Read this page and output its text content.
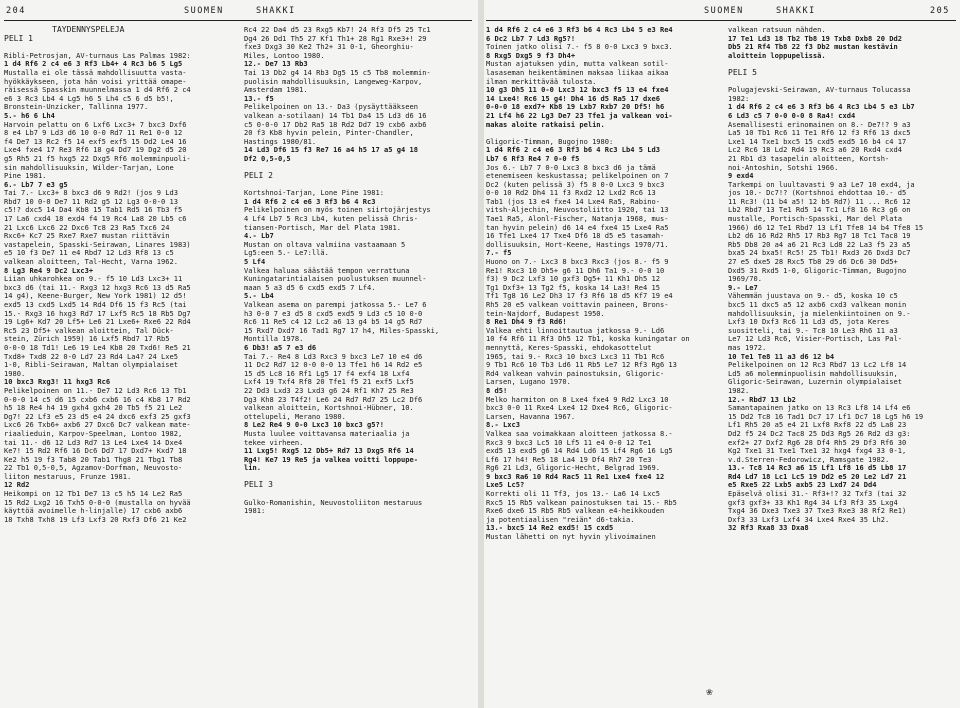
204	SUOMEN	SHAKKI
TÄYDENNYSPELEJÄ
PELI 1

Ribli-Petrosjan, AV-turnaus Las Palmas 1982:
1 d4 Rf6 2 c4 e6 3 Rf3 Lb4+ 4 Rc3 b6 5 Lg5
Mustalla ei ole tässä mahdollisuutta vasta-
hyökkäykseen, jota hän voisi yrittää omape-
räisessä Spasskin muunnelmassa 1 d4 Rf6 2 c4
e6 3 Rc3 Lb4 4 Lg5 h6 5 Lh4 c5 6 d5 b5!,
Bronstein-Unzicker, Tallinna 1977.
5.- h6 6 Lh4
Harvoin pelattu on 6 Lxf6 Lxc3+ 7 bxc3 Dxf6
8 e4 Lb7 9 Ld3 d6 10 0-0 Rd7 11 Re1 0-0 12
f4 De7 13 Rc2 f5 14 exf5 exf5 15 Dd2 Le4 16
Lxe4 fxe4 17 Re3 Rf6 18 g4 Dd7 19 Dg2 d5 20
g5 Rh5 21 f5 hxg5 22 Dxg5 Rf6 molemminpuoli-
sin mahdollisuuksin, Wilder-Tarjan, Lone
Pine 1981.
6.- Lb7 7 e3 g5
Tai 7.- Lxc3+ 8 bxc3 d6 9 Rd2! (jos 9 Ld3
Rbd7 10 0-0 De7 11 Rd2 g5 12 Lg3 0-0-0 13
c5!? dxc5 14 Da4 Kb8 15 Tab1 Rd5 16 Tb3 f5
17 La6 cxd4 18 exd4 f4 19 Rc4 La8 20 Lb5 c6
21 Lxc6 Lxc6 22 Dxc6 Tc8 23 Ra5 Txc6 24
Rxc6+ Kc7 25 Rxe7 Rxe7 mustan riittävin
vastapelein, Spasski-Seirawan, Linares 1983)
e5 10 f3 De7 11 e4 Rbd7 12 Ld3 Rf8 13 c5
valkean aloitteen, Tal-Hecht, Varna 1962.
8 Lg3 Re4 9 Dc2 Lxc3+
Liian uhkarohkea on 9.- f5 10 Ld3 Lxc3+ 11
bxc3 d6 (tai 11.- Rxg3 12 hxg3 Rc6 13 d5 Ra5
14 g4), Keene-Burger, New York 1981) 12 d5!
exd5 13 cxd5 Lxd5 14 Rd4 Df6 15 f3 Rc5 (tai
15.- Rxg3 16 hxg3 Rd7 17 Lxf5 Rc5 18 Rb5 Dg7
19 Lg6+ Kd7 20 Lf5+ Le6 21 Lxe6+ Rxe6 22 Rd4
Rc5 23 Df5+ valkean aloittein, Tal Dück-
stein, Zürich 1959) 16 Lxf5 Rbd7 17 Rb5
0-0-0 18 Td1! Le6 19 Le4 Kb8 20 Txd6! Re5 21
Txd8+ Txd8 22 0-0 Ld7 23 Rd4 La4? 24 Lxe5
1-0, Ribli-Seirawan, Maltan olympialaiset
1980.
10 bxc3 Rxg3! 11 hxg3 Rc6
Pelikelpoinen on 11.- De7 12 Ld3 Rc6 13 Tb1
0-0-0 14 c5 d6 15 cxb6 cxb6 16 c4 Kb8 17 Rd2
h5 18 Re4 h4 19 gxh4 gxh4 20 Tb5 f5 21 Le2
Dg7! 22 Lf3 e5 23 d5 e4 24 dxc6 exf3 25 gxf3
Lxc6 26 Txb6+ axb6 27 Dxc6 Dc7 valkean mate-
riaalieduin, Karpov-Speelman, Lontoo 1982,
tai 11.- d6 12 Ld3 Rd7 13 Le4 Lxe4 14 Dxe4
Ke7! 15 Rd2 Rf6 16 Dc6 Dd7 17 Dxd7+ Kxd7 18
Ke2 h5 19 f3 Tab8 20 Tab1 Thg8 21 Tbg1 Tb8
22 Tb1 0,5-0,5, Agzamov-Dorfman, Neuvosto-
liiton mestaruus, Frunze 1981.
12 Rd2
Heikompi on 12 Tb1 De7 13 c5 h5 14 Le2 Ra5
15 Rd2 Lxg2 16 Txh5 0-0-0 (mustalla on hyvää
käyttöä avoimelle h-linjalle) 17 cxb6 axb6
18 Txh8 Txh8 19 Lf3 Lxf3 20 Rxf3 Df6 21 Ke2
Rc4 22 Da4 d5 23 Rxg5 Kb7! 24 Rf3 Df5 25 Tc1
Dg4 26 Dd1 Th5 27 Kf1 Th1+ 28 Rg1 Rxe3+! 29
fxe3 Dxg3 30 Ke2 Th2+ 31 0-1, Gheorghiu-
Miles, Lontoo 1980.
12.- De7 13 Rb3
Tai 13 Db2 g4 14 Rb3 Dg5 15 c5 Tb8 molemmin-
puolisin mahdollisuuksin, Langeweg-Karpov,
Amsterdam 1981.
13.- f5
Pelikelpoinen on 13.- Da3 (pysäyttääkseen
valkean a-sotilaan) 14 Tb1 Da4 15 Ld3 d6 16
c5 0-0-0 17 Db2 Ra5 18 Rd2 Dd7 19 cxb6 axb6
20 f3 Kb8 hyvin pelein, Pinter-Chandler,
Hastings 1980/81.
14 Ld3 Df6 15 f3 Re7 16 a4 h5 17 a5 g4 18
Df2 0,5-0,5

PELI 2

Kortshnoi-Tarjan, Lone Pine 1981:
1 d4 Rf6 2 c4 e6 3 Rf3 b6 4 Rc3
Pelikelpoinen on myös toinen siirtojärjestys
4 Lf4 Lb7 5 Rc3 Lb4, kuten pelissä Chris-
tiansen-Portisch, Mar del Plata 1981.
4.- Lb7
Mustan on oltava valmiina vastaamaan 5
Lg5:een 5.- Le7:llä.
5 Lf4
Valkea haluaa säästää tempon verrattuna
Kuningatarintialaisen puolustuksen muunnel-
maan 5 a3 d5 6 cxd5 exd5 7 Lf4.
5.- Lb4
Valkean asema on parempi jatkossa 5.- Le7 6
h3 0-0 7 e3 d5 8 cxd5 exd5 9 Ld3 c5 10 0-0
Rc6 11 Re5 c4 12 Lc2 a6 13 g4 b5 14 g5 Rd7
15 Rxd7 Dxd7 16 Tad1 Rg7 17 h4, Miles-Spasski,
Montilla 1978.
6 Db3! a5 7 e3 d6
Tai 7.- Re4 8 Ld3 Rxc3 9 bxc3 Le7 10 e4 d6
11 Dc2 Rd7 12 0-0 0-0 13 Tfe1 h6 14 Rd2 e5
15 d5 Lc8 16 Rf1 Lg5 17 f4 exf4 18 Lxf4
Lxf4 19 Txf4 Rf8 20 Tfe1 f5 21 exf5 Lxf5
22 Dd3 Lxd3 23 Lxd3 g6 24 Rf1 Kh7 25 Re3
Dg3 Kh8 23 T4f2! Le6 24 Rd7 Rd7 25 Lc2 Df6
valkean aloittein, Kortshnoi-Hübner, 10.
ottelupeli, Merano 1980.
8 Le2 Re4 9 0-0 Lxc3 10 bxc3 g5?!
Musta luulee voittavansa materiaalia ja
tekee virheen.
11 Lxg5! Rxg5 12 Db5+ Rd7 13 Dxg5 Rf6 14
Rg4! Ke7 19 Re5 ja valkea voitti loppupe-
lin.

PELI 3

Gulko-Romanishin, Neuvostoliiton mestaruus
1981:
SUOMEN	SHAKKI	205
1 d4 Rf6 2 c4 e6 3 Rf3 b6 4 Rc3 Lb4 5 e3 Re4
6 Dc2 Lb7 7 Ld3 Rg5?!
Toinen jatko olisi 7.- f5 8 0-0 Lxc3 9 bxc3.
8 Rxg5 Dxg5 9 f3 Dh4+
Mustan ajatuksen ydin, mutta valkean sotil-
lasaseman heikentäminen maksaa liikaa aikaa
ilman merkittävää tulosta.
10 g3 Dh5 11 0-0 Lxc3 12 bxc3 f5 13 e4 fxe4
14 Lxe4! Rc6 15 g4! Dh4 16 d5 Ra5 17 dxe6
0-0-0 18 exd7+ Kb8 19 Lxb7 Rxb7 20 Df5! h6
21 Lf4 h6 22 Lg3 De7 23 Tfe1 ja valkean voi-
makas aloite ratkaisi pelin.

Gligoric-Timman, Bugojno 1980:
1 d4 Rf6 2 c4 e6 3 Rf3 b6 4 Rc3 Lb4 5 Ld3
Lb7 6 Rf3 Re4 7 0-0 f5
Jos 6.- Lb7 7 0-0 Lxc3 8 bxc3 d6 ja tämä
etenemiseen keskustassa; pelikelpoinen on 7
Dc2 (kuten pelissä 3) f5 8 0-0 Lxc3 9 bxc3
0-0 10 Rd2 Dh4 11 f3 Rxd2 12 Lxd2 Rc6 13
Tab1 (jos 13 e4 fxe4 14 Lxe4 Ra5, Rabino-
vitsh-Aljechin, Neuvostoliitto 1920, tai 13
Tae1 Ra5, Alonl-Fischer, Natanja 1968, mus-
tan hyvin pelein) d6 14 e4 fxe4 15 Lxe4 Ra5
16 Tfe1 Lxe4 17 Txe4 Df6 18 d5 e5 tasamah-
dollisuuksin, Hort-Keene, Hastings 1970/71.
7.- f5
Huono on 7.- Lxc3 8 bxc3 Rxc3 (jos 8.- f5 9
Re1! Rxc3 10 Dh5+ g6 11 Dh6 Ta1 9.- 0-0 10
f3) 9 Dc2 Lxf3 10 gxf3 Dg5+ 11 Kh1 Dh5 12
Tg1 Dxf3+ 13 Tg2 f5, koska 14 La3! Re4 15
Tf1 Tg8 16 Le2 Dh3 17 f3 Rf6 18 d5 Kf7 19 e4
Rh5 20 e5 valkean voittavin paineen, Brons-
tein-Najdorf, Budapest 1950.
8 Re1 Dh4 9 f3 Rd6!
Valkea ehti linnoittautua jatkossa 9.- Ld6
10 f4 Rf6 11 Rf3 Dh5 12 Tb1, koska kuningatar on
mennyttä, Keres-Spasski, ehdokasottelut
1965, tai 9.- Rxc3 10 bxc3 Lxc3 11 Tb1 Rc6
9 Tb1 Rc6 10 Tb3 Ld6 11 Rb5 Le7 12 Rf3 Rg6 13
Rd4 valkean vahvin painostuksin, Gligoric-
Larsen, Lugano 1970.
8 d5!
Melko harmiton on 8 Lxe4 fxe4 9 Rd2 Lxc3 10
bxc3 0-0 11 Rxe4 Lxe4 12 Dxe4 Rc6, Gligoric-
Larsen, Havanna 1967.
8.- Lxc3
Valkea saa voimakkaan aloitteen jatkossa 8.-
Rxc3 9 bxc3 Lc5 10 Lf5 11 e4 0-0 12 Te1
exd5 13 exd5 g6 14 Rd4 Ld6 15 Lf4 Rg6 16 Lg5
Lf6 17 h4! Re5 18 La4 19 Df4 Rh7 20 Te3
Rg6 21 Ld3, Gligoric-Hecht, Belgrad 1969.
9 bxc3 Ra6 10 Rd4 Rac5 11 Re1 Lxe4 fxe4 12
Lxe5 Lc5?
Korrekti oli 11 Tf3, jos 13.- La6 14 Lxc5
Rxc5 15 Rb5 valkean painostuksen tai 15.- Rb5
Rxe6 dxe6 15 Rb5 Rb5 valkean e4-heikkouden
ja potentiaalisen "reiän" d6-takia.
13.- bxc5 14 Re2 exd5! 15 cxd5
Mustan lähetti on nyt hyvin ylivoimainen
valkean ratsuun nähden.
17 Te1 Ld3 18 Tb2 Tb8 19 Txb8 Dxb8 20 Dd2
Db5 21 Rf4 Tb8 22 f3 Db2 mustan kestävin
aloittein loppupelissä.

PELI 5

Polugajevski-Seirawan, AV-turnaus Tolucassa
1982:
1 d4 Rf6 2 c4 e6 3 Rf3 b6 4 Rc3 Lb4 5 e3 Lb7
6 Ld3 c5 7 0-0 0-0 8 Ra4! cxd4
Asemallisesti erinomainen on 8.- De7!? 9 a3
La5 10 Tb1 Rc6 11 Te1 Rf6 12 f3 Rf6 13 dxc5
Lxe1 14 Txe1 bxc5 15 cxd5 exd5 16 b4 c4 17
Lc2 Rc6 18 Ld2 Rd4 19 Rc3 a6 20 Rxd4 cxd4
21 Rb1 d3 tasapelin aloitteen, Kortsh-
noi-Antoshin, Sotshi 1966.
9 exd4
Tarkempi on luultavasti 9 a3 Le7 10 exd4, ja
jos 10.- Dc7!? (Kortshnoi ehdottaa 10.- d5
11 Rc3! (11 b4 a5! 12 b5 Rd7) 11 ... Rc6 12
Lb2 Rbd7 13 Te1 Rd5 14 Tc1 Lf8 16 Rc3 g6 on
mustalle, Portisch-Spasski, Mar del Plata
1966) d6 12 Te1 Rbd7 13 Lf1 Tfe8 14 b4 Tfe8 15
Lb2 d6 16 Rd2 Rh5 17 Rb3 Rg7 18 Tc1 Tac8 19
Rb5 Db8 20 a4 a6 21 Rc3 Ld8 22 La3 f5 23 a5
bxa5 24 bxa5! Rc5! 25 Tb1! Rxd3 26 Dxd3 Dc7
27 e5 dxe5 28 Rxc5 Tb8 29 d6 Dc6 30 Dd5+
Dxd5 31 Rxd5 1-0, Gligoric-Timman, Bugojno
1969/70.
9.- Le7
Vähemmän juustava on 9.- d5, koska 10 c5
bxc5 11 dxc5 a5 12 axb6 cxd3 valkean monin
mahdollisuuksin, ja mielenkiintoinen on 9.-
Lxf3 10 Dxf3 Rc6 11 Ld3 d5, jota Keres
suositteli, tai 9.- Tc8 10 Le3 Rh6 11 a3
Le7 12 Ld3 Rc6, Visier-Portisch, Las Pal-
mas 1972.
10 Te1 Te8 11 a3 d6 12 b4
Pelikelpoinen on 12 Rc3 Rbd7 13 Lc2 Lf8 14
Ld5 a6 molemminpuolisin mahdollisuuksin,
Gligoric-Seirawan, Luzernin olympialaiset
1982.
12.- Rbd7 13 Lb2
Samantapainen jatko on 13 Rc3 Lf8 14 Lf4 e6
15 Dd2 Tc8 16 Tad1 Dc7 17 Lf1 Dc7 18 Lg5 h6 19
Lf1 Rh5 20 a5 e4 21 Lxf8 Rxf8 22 d5 La8 23
Dd2 f5 24 Dc2 Tac8 25 Dd3 Rg5 26 Rd2 d3 g3:
exf2+ 27 Dxf2 Rg6 28 Df4 Rh5 29 Df3 Rf6 30
Kg2 Txe1 31 Txe1 Txe1 32 hxg4 fxg4 33 0-1,
v.d.Sterren-Fedorowicz, Ramsgate 1982.
13.- Tc8 14 Rc3 a6 15 Lf1 Lf8 16 d5 Lb8 17
Rd4 Ld7 18 Lc1 Lc5 19 Dd2 e5 20 Le2 Ld7 21
e5 Rxe5 22 Lxb5 axb5 23 Lxd7 24 Dd4
Epäselvä olisi 31.- Rf3+!? 32 Txf3 (tai 32
gxf3 gxf3+ 33 Kh1 Rg4 34 Lf3 Rf3 35 Lxg4
Txg4 36 Dxe3 Txe3 37 Txe3 Rxe3 38 Rf2 Re1)
Dxf3 33 Lxf3 Lxf4 34 Lxe4 Rxe4 35 Lh2.
32 Rf3 Rxa8 33 Dxa8
❀
